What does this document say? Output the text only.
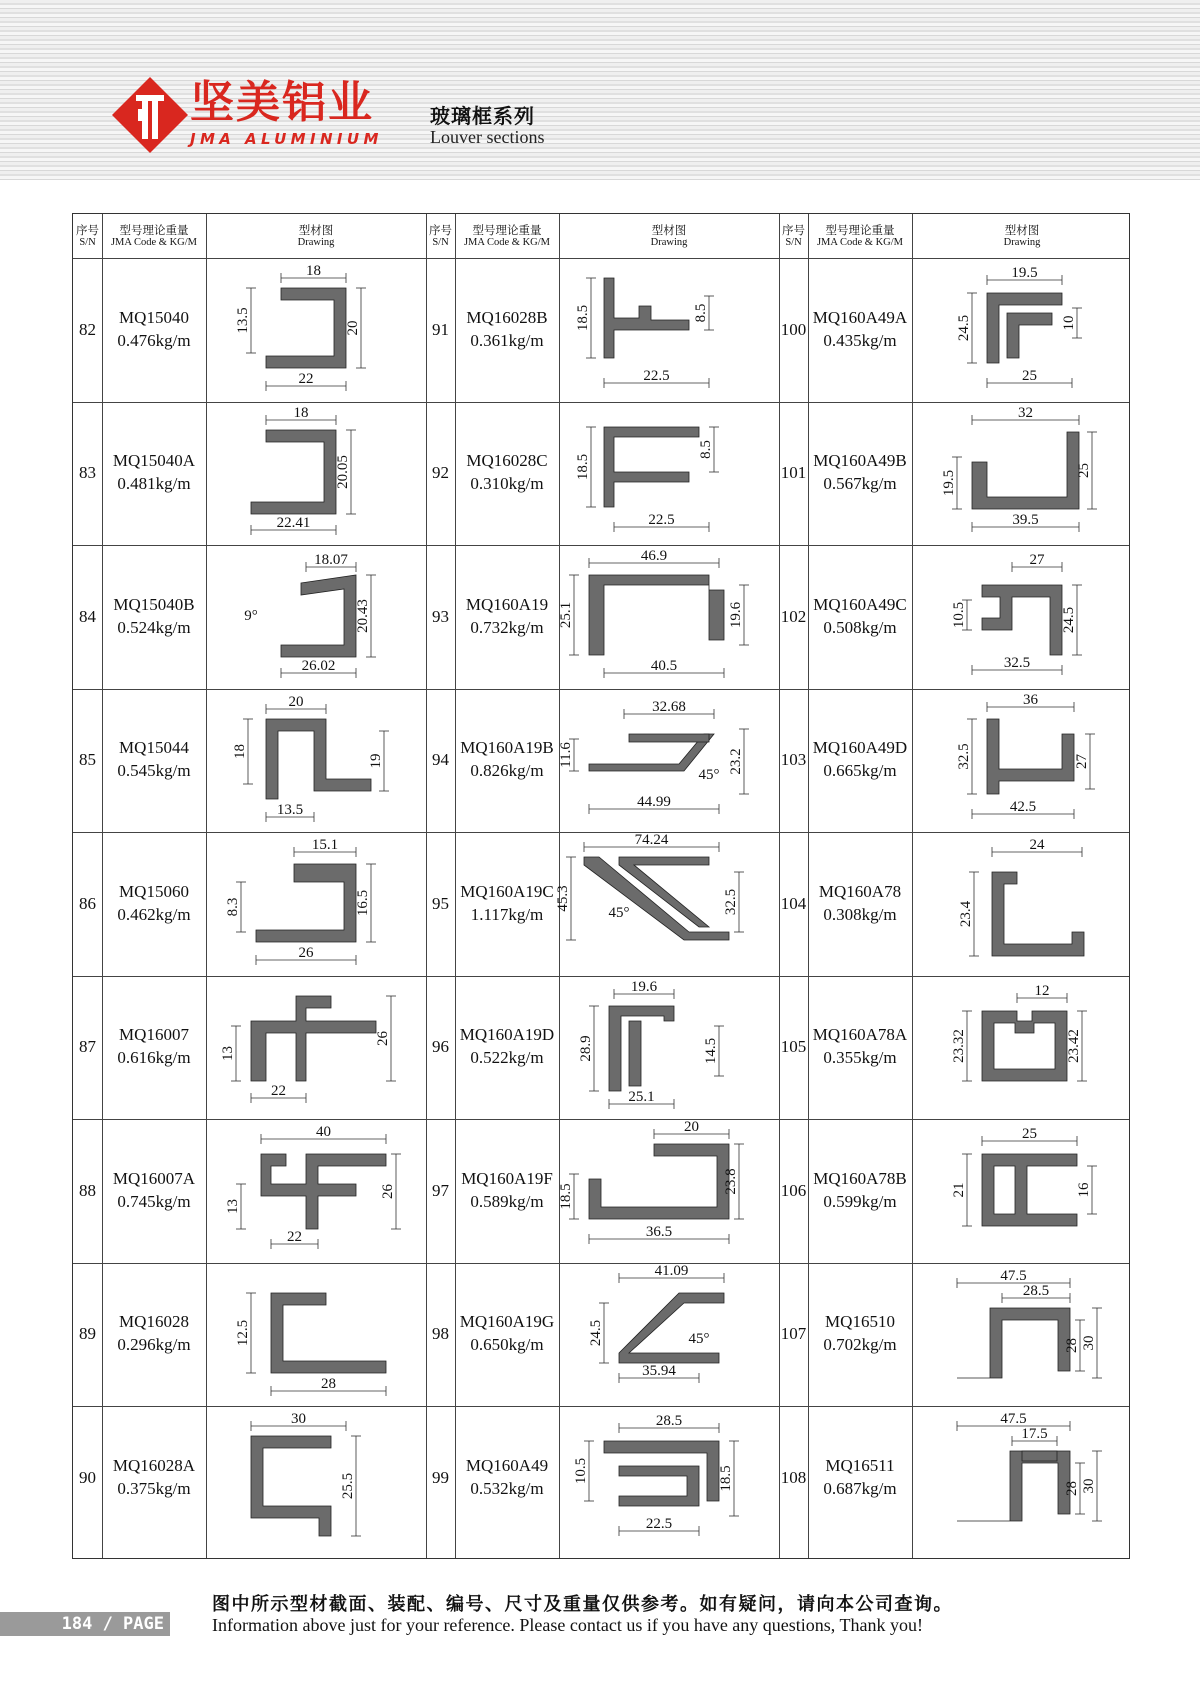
坚美铝业
JMA ALUMINIUM
玻璃框系列
Louver sections
序号
S/N
型号理论重量
JMA Code & KG/M
型材图
Drawing
序号
S/N
型号理论重量
JMA Code & KG/M
型材图
Drawing
序号
S/N
型号理论重量
JMA Code & KG/M
型材图
Drawing
82
MQ15040
0.476kg/m
18
13.5	20
22
83
MQ15040A
0.481kg/m
18
20.05
22.41
84
MQ15040B
0.524kg/m
18.07
9°	20.43
26.02
85
MQ15044
0.545kg/m
20
18
19
13.5
86
MQ15060
0.462kg/m
15.1
8.3	16.5
26
87
MQ16007
0.616kg/m	13
26
22
88
MQ16007A
0.745kg/m
40
13
26
22
89
MQ16028
0.296kg/m	12.5
28
90
MQ16028A
0.375kg/m
30
25.5
91
MQ16028B
0.361kg/m
18.5	8.5
22.5
92
MQ16028C
0.310kg/m
18.5
8.5
22.5
93
MQ160A19
0.732kg/m
46.9
25.1	19.6
40.5
94
MQ160A19B
0.826kg/m
32.68
11.6
45°
23.2
44.99
95
MQ160A19C
1.117kg/m
74.24
45.3
45°	32.5
96
MQ160A19D
0.522kg/m
19.6
28.9	14.5
25.1
97
MQ160A19F
0.589kg/m
20
18.5
23.8
36.5
98
MQ160A19G
0.650kg/m
41.09
24.5	45°
35.94
99
MQ160A49
0.532kg/m
28.5
10.5	18.5
22.5
100
MQ160A49A
0.435kg/m
19.5
24.5	10
25
101
MQ160A49B
0.567kg/m
32
19.5	25
39.5
102
MQ160A49C
0.508kg/m
27
10.5	24.5
32.5
103
MQ160A49D
0.665kg/m
36
32.5	27
42.5
104
MQ160A78
0.308kg/m
24
23.4
105
MQ160A78A
0.355kg/m
12
23.32	23.42
106
MQ160A78B
0.599kg/m
25
21	16
107
MQ16510
0.702kg/m
47.5
28.5
28 30
108
MQ16511
0.687kg/m
47.5
17.5
28 30
图中所示型材截面、装配、编号、尺寸及重量仅供参考。如有疑问，请向本公司查询。
Information above just for your reference. Please contact us if you have any questions, Thank you!
184 / PAGE
